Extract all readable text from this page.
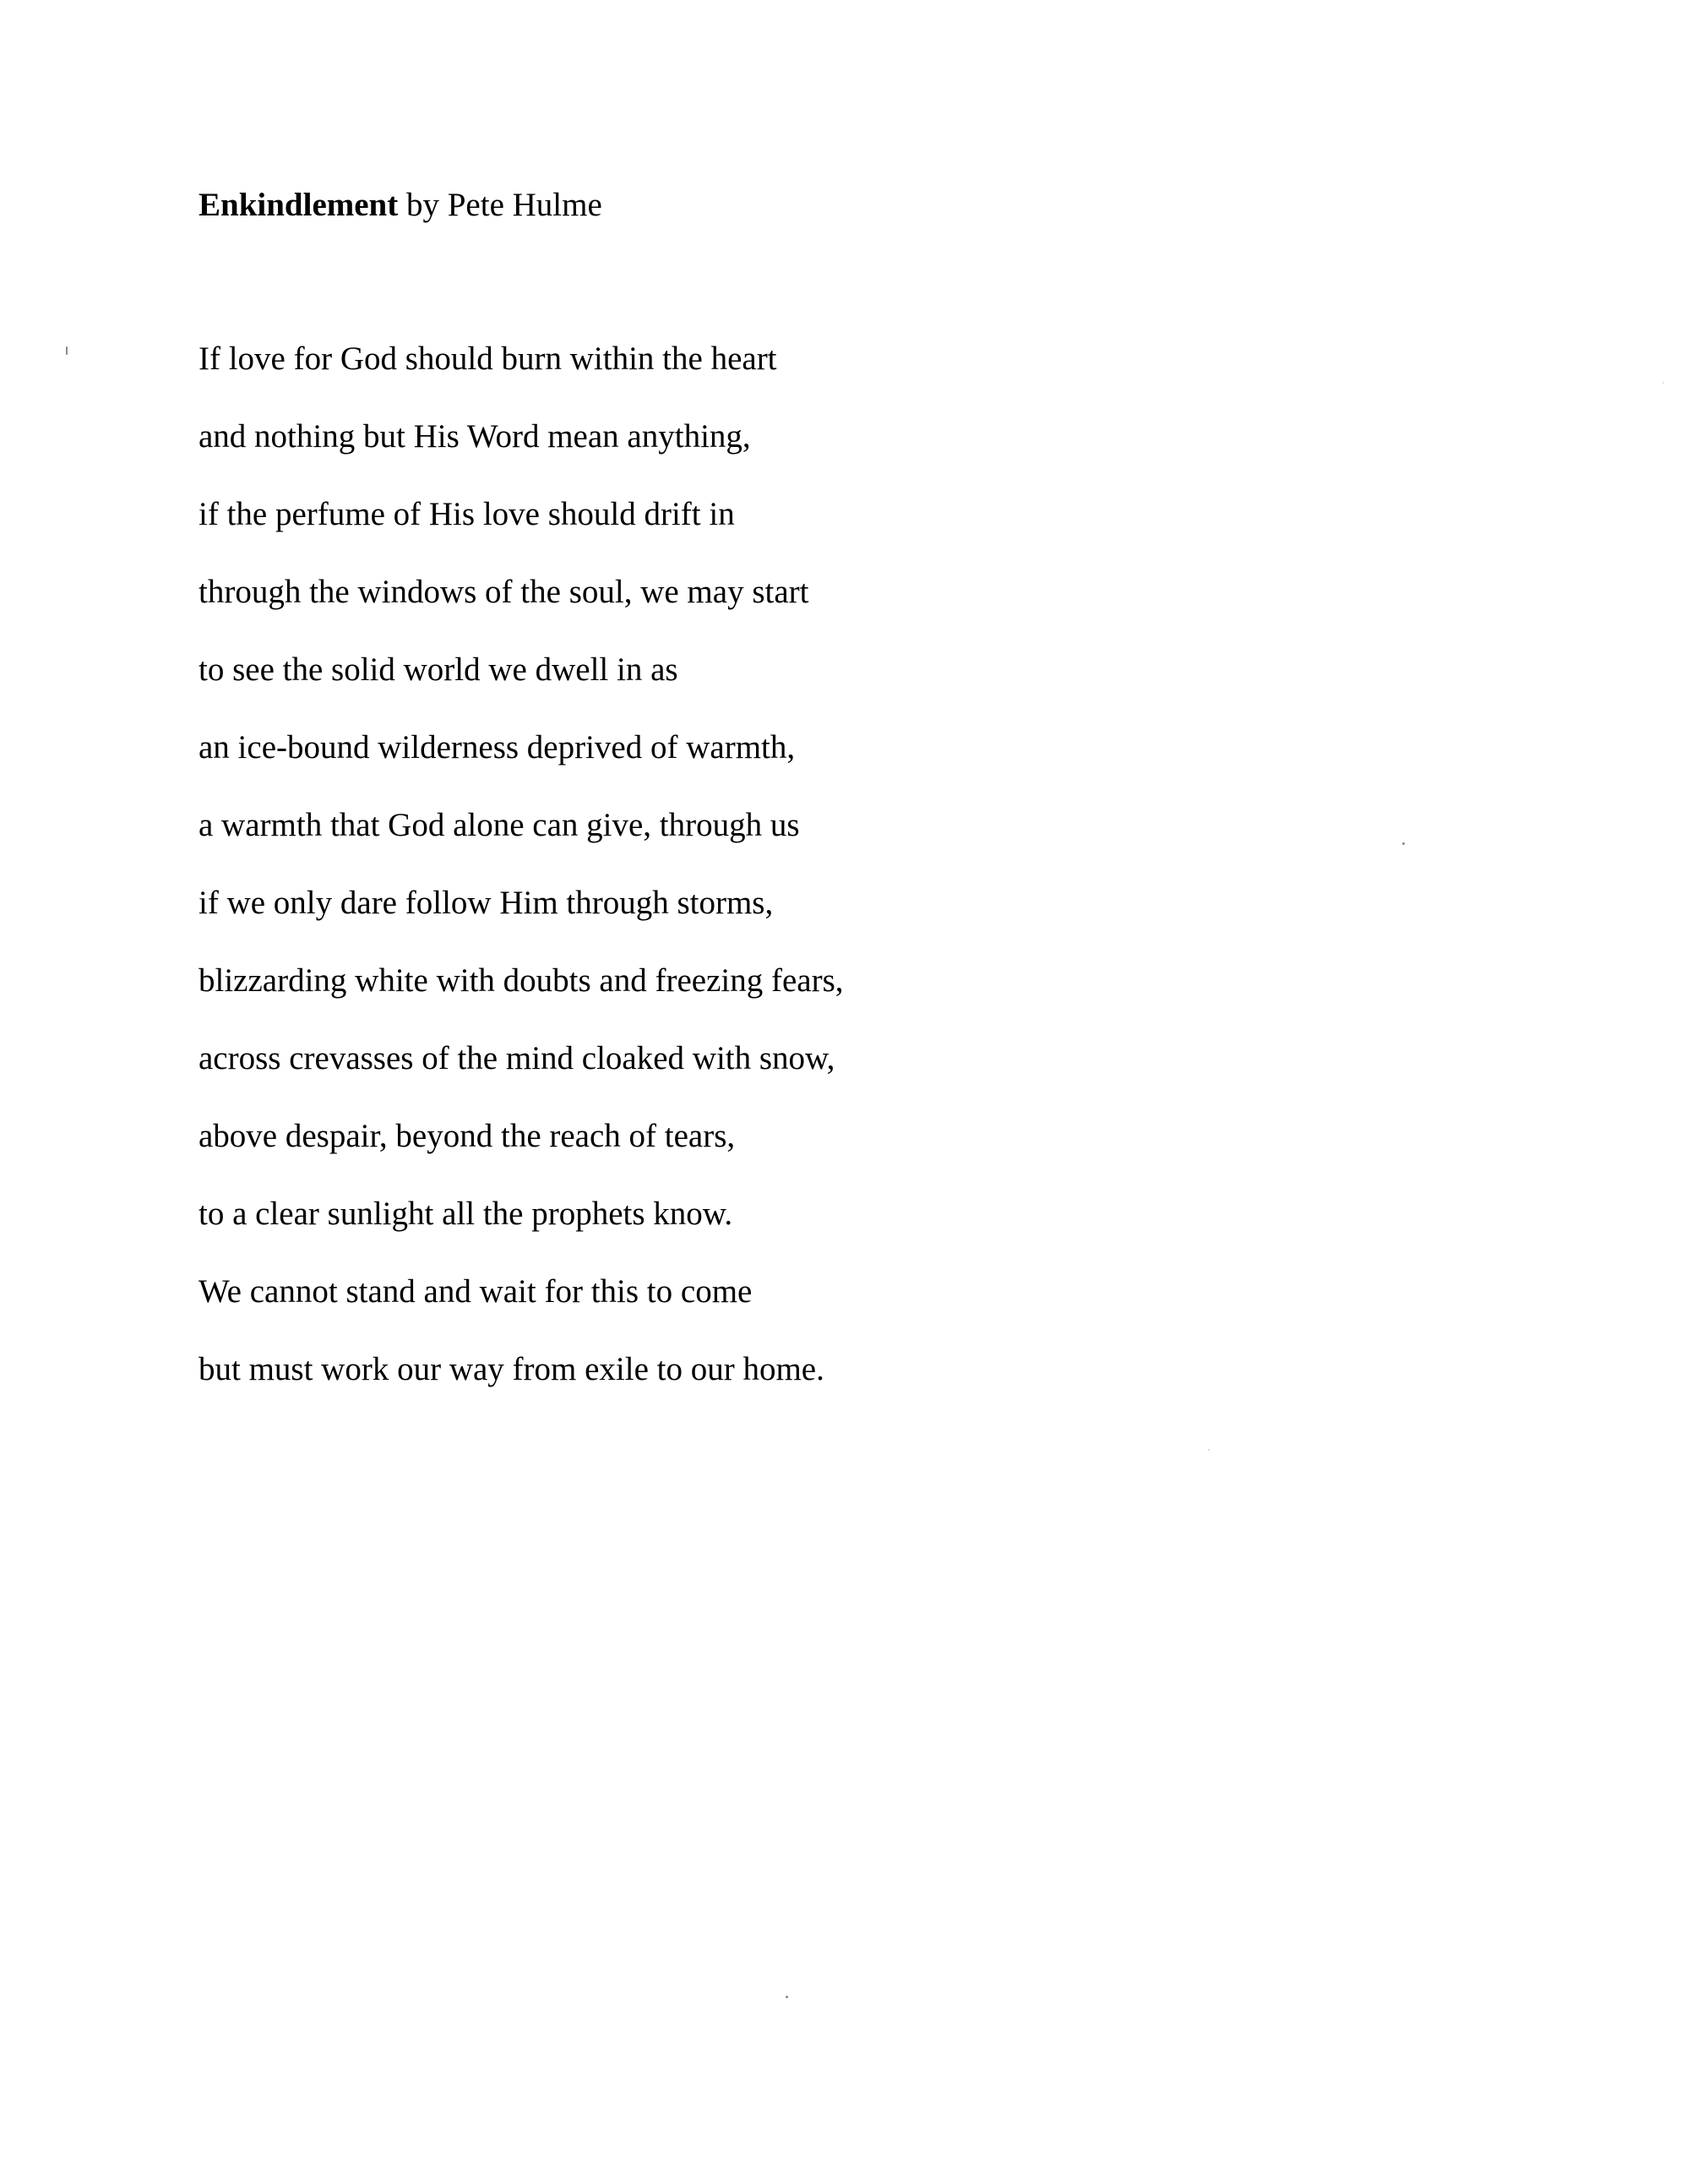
Enkindlement by Pete Hulme
If love for God should burn within the heart
and nothing but His Word mean anything,
if the perfume of His love should drift in
through the windows of the soul, we may start
to see the solid world we dwell in as
an ice-bound wilderness deprived of warmth,
a warmth that God alone can give, through us
if we only dare follow Him through storms,
blizzarding white with doubts and freezing fears,
across crevasses of the mind cloaked with snow,
above despair, beyond the reach of tears,
to a clear sunlight all the prophets know.
We cannot stand and wait for this to come
but must work our way from exile to our home.
